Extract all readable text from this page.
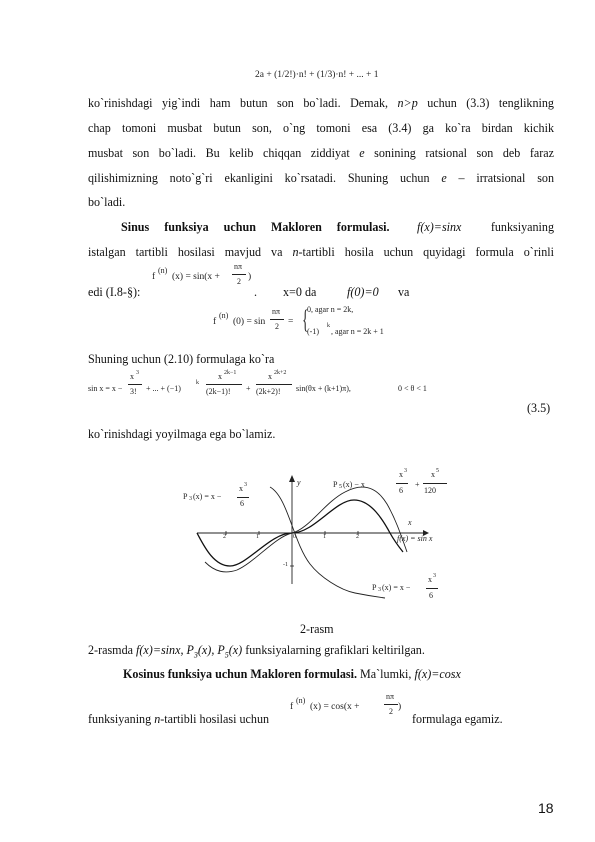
2a + (1/2!)·n! + (1/3)·n! + ... + 1
ko`rinishdagi yig`indi ham butun son bo`ladi. Demak, n>p uchun (3.3) tenglikning
chap tomoni musbat butun son, o`ng tomoni esa (3.4) ga ko`ra birdan kichik
musbat son bo`ladi. Bu kelib chiqqan ziddiyat e sonining ratsional son deb faraz
qilishimizning noto`g`ri ekanligini ko`rsatadi. Shuning uchun e – irratsional son
bo`ladi.
Sinus funksiya uchun Makloren formulasi. f(x)=sinx funksiyaning
istalgan tartibli hosilasi mavjud va n-tartibli hosila uchun quyidagi formula o`rinli
edi (I.8-§):
f
(n)
(x) = sin(x +
nπ
2 )
. x=0 da	f(0)=0 va
f
(n)
(0) = sin
nπ
2 = {
0, agar n = 2k,
(-1)
k
, agar n = 2k + 1
Shuning uchun (2.10) formulaga ko`ra
sin x = x −
x 3
3! + ... + (−1)
k
x 2k−1
(2k−1)! +
x 2k+2
(2k+2)! sin(θx + (k+1)π),	0 < θ < 1
(3.5)
ko`rinishdagi yoyilmaga ega bo`lamiz.
P 3 (x) = x −
x 3
6
y
x
P 5 (x) − x
x 3
6
+
x 5
120
f(x) = sin x
2	1	0	1	2
-1
P 3 (x) = x −
x 3
6
2-rasm
2-rasmda f(x)=sinx, $P_3(x)$, $P_5(x)$ funksiyalarning grafiklari keltirilgan.
Kosinus funksiya uchun Makloren formulasi. Ma`lumki, f(x)=cosx
funksiyaning n-tartibli hosilasi uchun
f
(n)
(x) = cos(x +
nπ
2 )
formulaga egamiz.
18
